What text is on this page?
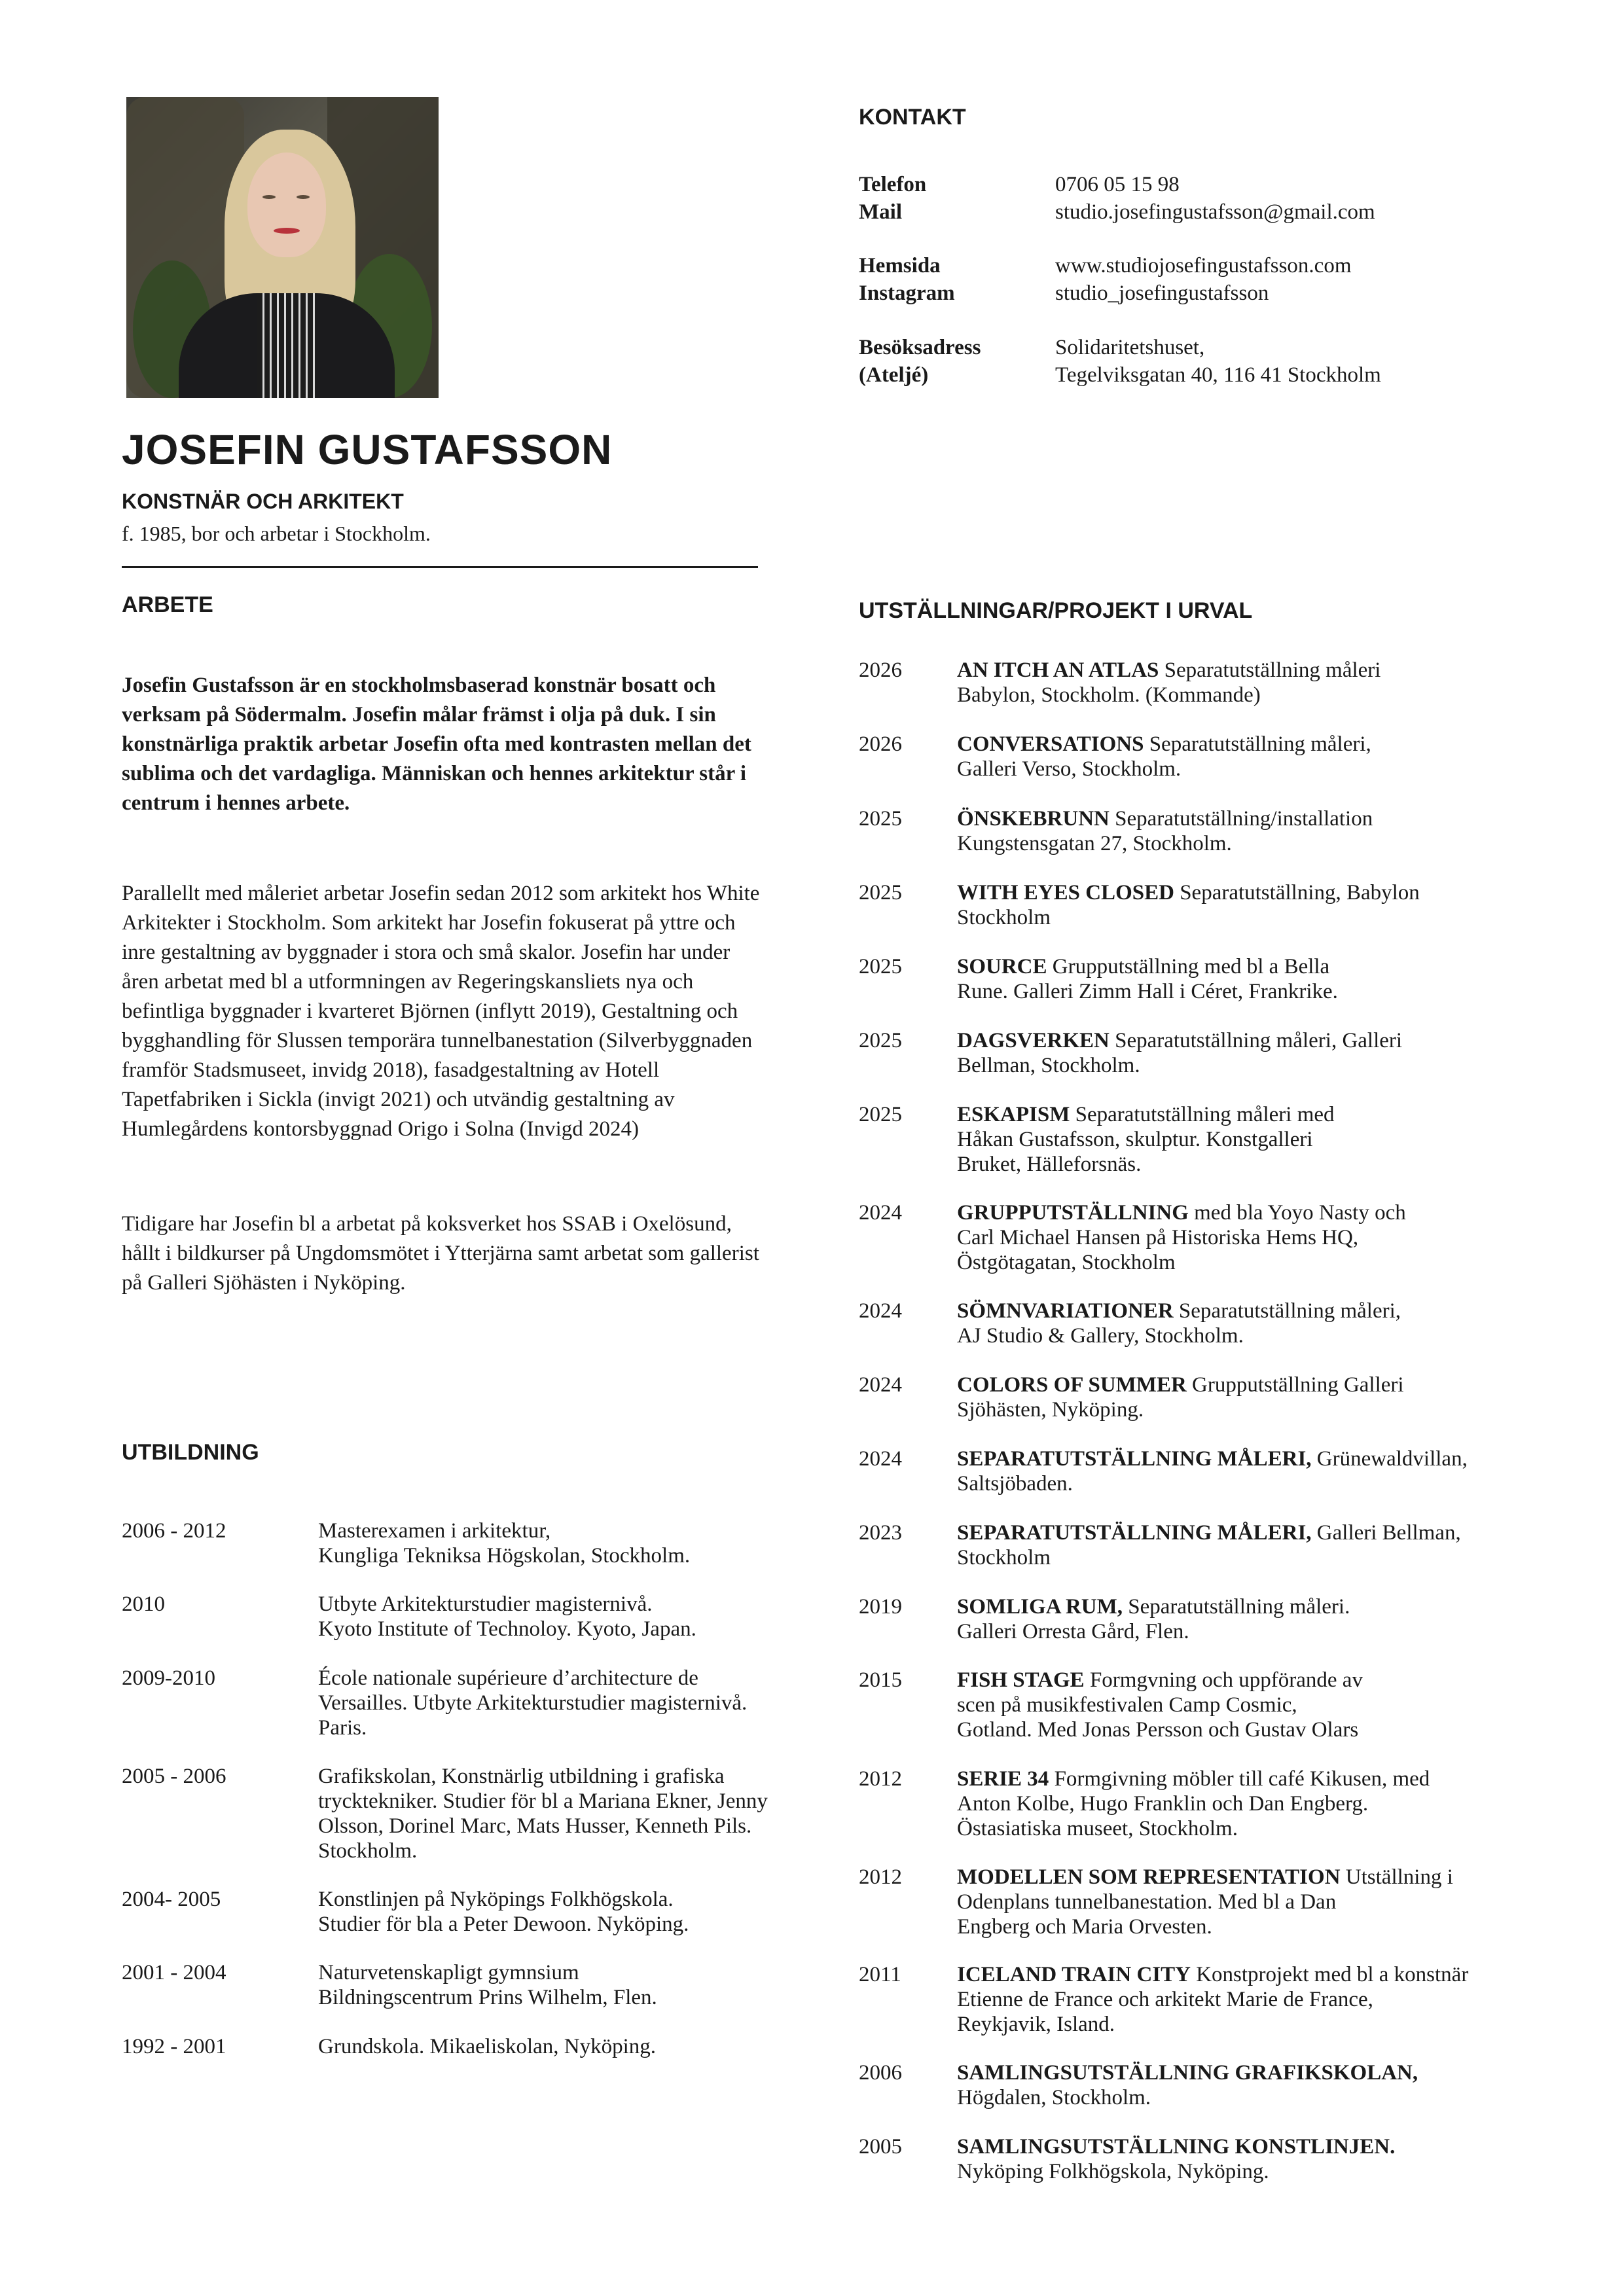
JOSEFIN GUSTAFSSON
KONSTNÄR OCH ARKITEKT
f. 1985, bor och arbetar i Stockholm.
KONTAKT
Telefon	0706 05 15 98
Mail	studio.josefingustafsson@gmail.com
Hemsida	www.studiojosefingustafsson.com
Instagram	studio_josefingustafsson
Besöksadress	Solidaritetshuset,
(Ateljé)	Tegelviksgatan 40, 116 41 Stockholm
ARBETE
Josefin Gustafsson är en stockholmsbaserad konstnär bosatt och verksam på Södermalm. Josefin målar främst i olja på duk. I sin konstnärliga praktik arbetar Josefin ofta med kontrasten mellan det sublima och det vardagliga. Människan och hennes arkitektur står i centrum i hennes arbete.
Parallellt med måleriet arbetar Josefin sedan 2012 som arkitekt hos White Arkitekter i Stockholm. Som arkitekt har Josefin fokuserat på yttre och inre gestaltning av byggnader i stora och små skalor. Josefin har under åren arbetat med bl a utformningen av Regeringskansliets nya och befintliga byggnader i kvarteret Björnen (inflytt 2019), Gestaltning och bygghandling för Slussen temporära tunnelbanestation (Silverbyggnaden framför Stadsmuseet, invidg 2018), fasadgestaltning av Hotell Tapetfabriken i Sickla (invigt 2021) och utvändig gestaltning av Humlegårdens kontorsbyggnad Origo i Solna (Invigd 2024)
Tidigare har Josefin bl a arbetat på koksverket hos SSAB i Oxelösund, hållt i bildkurser på Ungdomsmötet i Ytterjärna samt arbetat som gallerist på Galleri Sjöhästen i Nyköping.
UTBILDNING
2006 - 2012	Masterexamen i arkitektur,
Kungliga Tekniksa Högskolan, Stockholm.
2010	Utbyte Arkitekturstudier magisternivå.
Kyoto Institute of Technoloy. Kyoto, Japan.
2009-2010	École nationale supérieure d’architecture de
Versailles. Utbyte Arkitekturstudier magisternivå.
Paris.
2005 - 2006	Grafikskolan, Konstnärlig utbildning i grafiska
trycktekniker. Studier för bl a Mariana Ekner, Jenny
Olsson, Dorinel Marc, Mats Husser, Kenneth Pils.
Stockholm.
2004- 2005	Konstlinjen på Nyköpings Folkhögskola.
Studier för bla a Peter Dewoon. Nyköping.
2001 - 2004	Naturvetenskapligt gymnsium
Bildningscentrum Prins Wilhelm, Flen.
1992 - 2001	Grundskola. Mikaeliskolan, Nyköping.
UTSTÄLLNINGAR/PROJEKT I URVAL
2026	AN ITCH AN ATLAS Separatutställning måleri
Babylon, Stockholm. (Kommande)
2026	CONVERSATIONS Separatutställning måleri,
Galleri Verso, Stockholm.
2025	ÖNSKEBRUNN Separatutställning/installation
Kungstensgatan 27, Stockholm.
2025	WITH EYES CLOSED Separatutställning, Babylon
Stockholm
2025	SOURCE Grupputställning med bl a Bella
Rune. Galleri Zimm Hall i Céret, Frankrike.
2025	DAGSVERKEN Separatutställning måleri, Galleri
Bellman, Stockholm.
2025	ESKAPISM Separatutställning måleri med
Håkan Gustafsson, skulptur. Konstgalleri
Bruket, Hälleforsnäs.
2024	GRUPPUTSTÄLLNING med bla Yoyo Nasty och
Carl Michael Hansen på Historiska Hems HQ,
Östgötagatan, Stockholm
2024	SÖMNVARIATIONER Separatutställning måleri,
AJ Studio & Gallery, Stockholm.
2024	COLORS OF SUMMER Grupputställning Galleri
Sjöhästen, Nyköping.
2024	SEPARATUTSTÄLLNING MÅLERI, Grünewaldvillan,
Saltsjöbaden.
2023	SEPARATUTSTÄLLNING MÅLERI, Galleri Bellman,
Stockholm
2019	SOMLIGA RUM, Separatutställning måleri.
Galleri Orresta Gård, Flen.
2015	FISH STAGE Formgvning och uppförande av
scen på musikfestivalen Camp Cosmic,
Gotland. Med Jonas Persson och Gustav Olars
2012	SERIE 34 Formgivning möbler till café Kikusen, med
Anton Kolbe, Hugo Franklin och Dan Engberg.
Östasiatiska museet, Stockholm.
2012	MODELLEN SOM REPRESENTATION Utställning i
Odenplans tunnelbanestation. Med bl a Dan
Engberg och Maria Orvesten.
2011	ICELAND TRAIN CITY Konstprojekt med bl a konstnär
Etienne de France och arkitekt Marie de France,
Reykjavik, Island.
2006	SAMLINGSUTSTÄLLNING GRAFIKSKOLAN,
Högdalen, Stockholm.
2005	SAMLINGSUTSTÄLLNING KONSTLINJEN.
Nyköping Folkhögskola, Nyköping.
